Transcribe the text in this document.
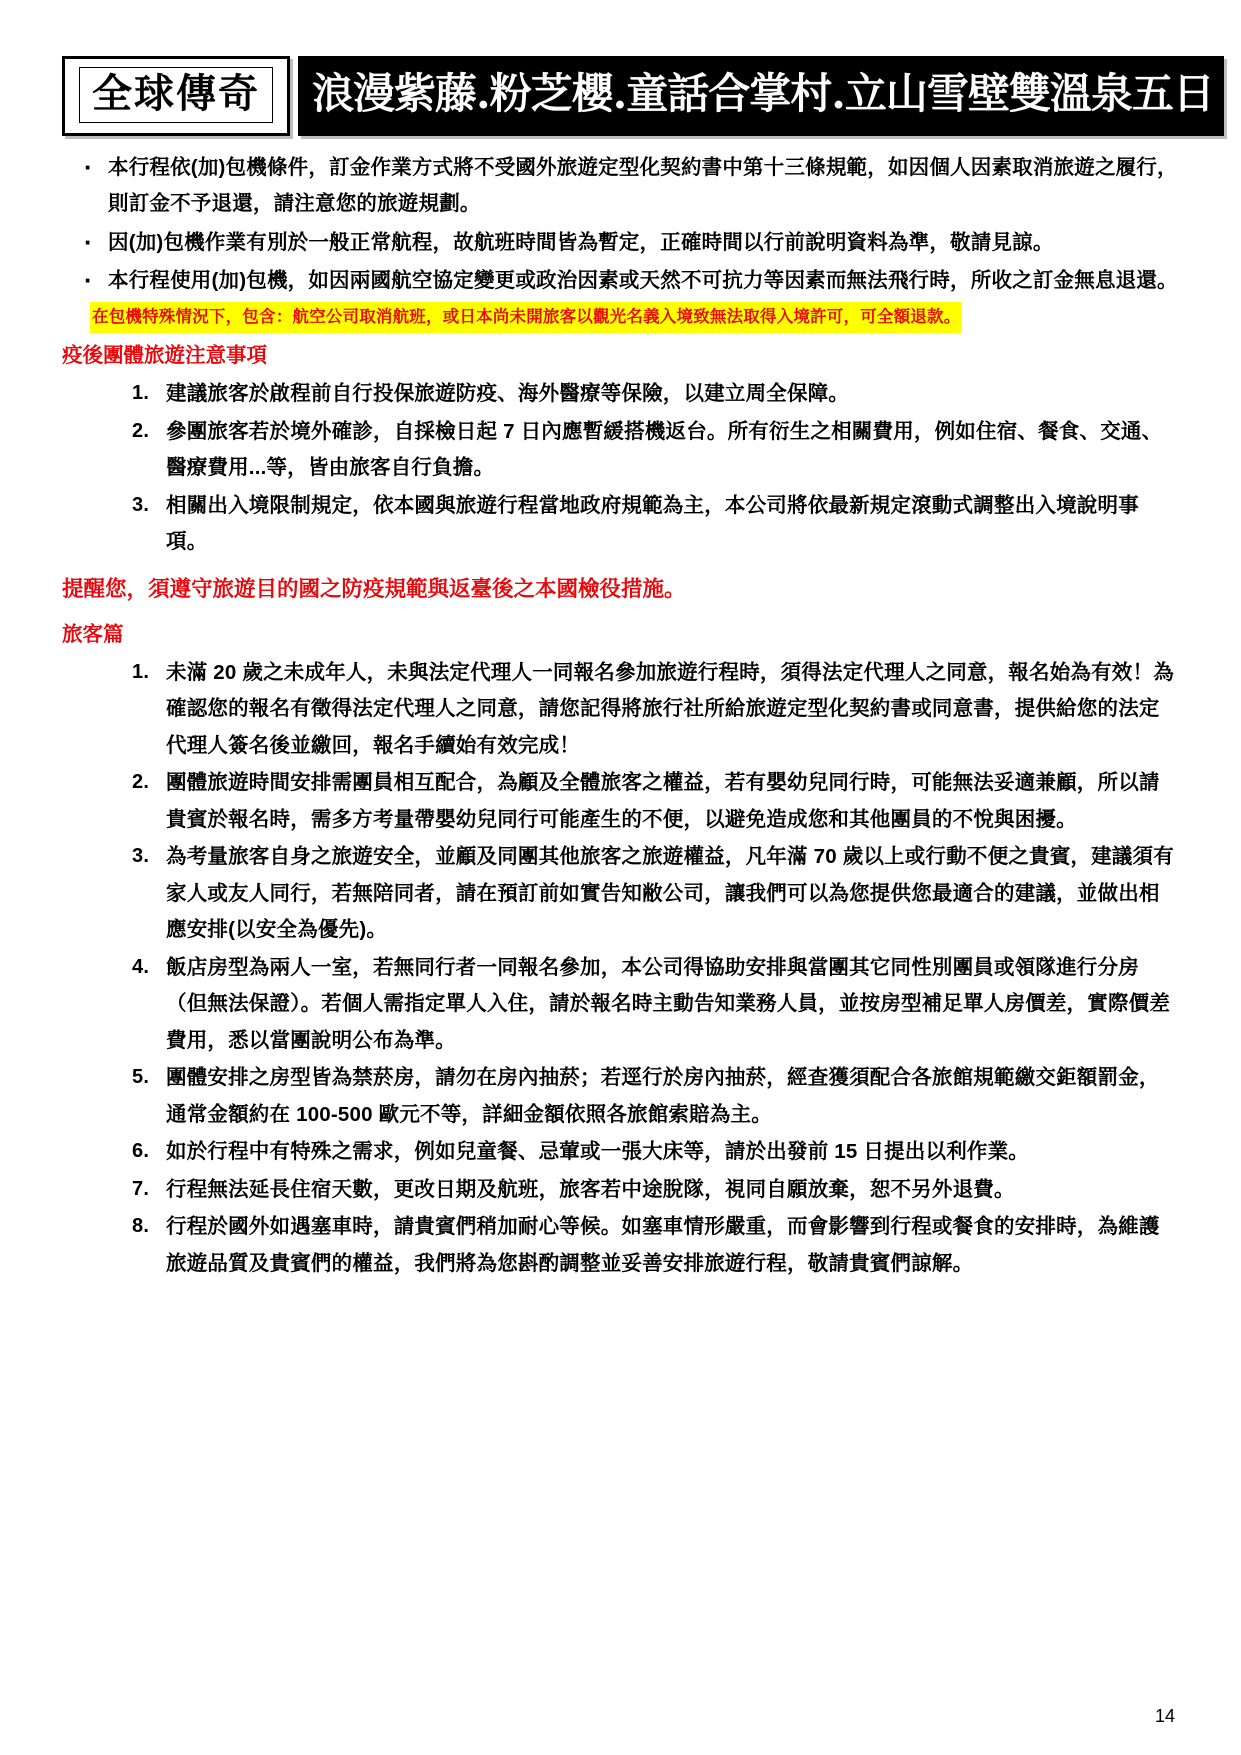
全球傳奇	浪漫紫藤.粉芝櫻.童話合掌村.立山雪壁雙溫泉五日
· 本行程依(加)包機條件，訂金作業方式將不受國外旅遊定型化契約書中第十三條規範，如因個人因素取消旅遊之履行，則訂金不予退還，請注意您的旅遊規劃。
· 因(加)包機作業有別於一般正常航程，故航班時間皆為暫定，正確時間以行前說明資料為準，敬請見諒。
· 本行程使用(加)包機，如因兩國航空協定變更或政治因素或天然不可抗力等因素而無法飛行時，所收之訂金無息退還。
在包機特殊情況下，包含：航空公司取消航班，或日本尚未開旅客以觀光名義入境致無法取得入境許可，可全額退款。
疫後團體旅遊注意事項
建議旅客於啟程前自行投保旅遊防疫、海外醫療等保險，以建立周全保障。
參團旅客若於境外確診，自採檢日起 7 日內應暫緩搭機返台。所有衍生之相關費用，例如住宿、餐食、交通、醫療費用...等，皆由旅客自行負擔。
相關出入境限制規定，依本國與旅遊行程當地政府規範為主，本公司將依最新規定滾動式調整出入境說明事項。
提醒您，須遵守旅遊目的國之防疫規範與返臺後之本國檢役措施。
旅客篇
未滿 20 歲之未成年人，未與法定代理人一同報名參加旅遊行程時，須得法定代理人之同意，報名始為有效！為確認您的報名有徵得法定代理人之同意，請您記得將旅行社所給旅遊定型化契約書或同意書，提供給您的法定代理人簽名後並繳回，報名手續始有效完成！
團體旅遊時間安排需團員相互配合，為顧及全體旅客之權益，若有嬰幼兒同行時，可能無法妥適兼顧，所以請貴賓於報名時，需多方考量帶嬰幼兒同行可能產生的不便，以避免造成您和其他團員的不悅與困擾。
為考量旅客自身之旅遊安全，並顧及同團其他旅客之旅遊權益，凡年滿 70 歲以上或行動不便之貴賓，建議須有家人或友人同行，若無陪同者，請在預訂前如實告知敝公司，讓我們可以為您提供您最適合的建議，並做出相應安排(以安全為優先)。
飯店房型為兩人一室，若無同行者一同報名參加，本公司得協助安排與當團其它同性別團員或領隊進行分房（但無法保證）。若個人需指定單人入住，請於報名時主動告知業務人員，並按房型補足單人房價差，實際價差費用，悉以當團說明公布為準。
團體安排之房型皆為禁菸房，請勿在房內抽菸；若逕行於房內抽菸，經查獲須配合各旅館規範繳交鉅額罰金，通常金額約在 100-500 歐元不等，詳細金額依照各旅館索賠為主。
如於行程中有特殊之需求，例如兒童餐、忌葷或一張大床等，請於出發前 15 日提出以利作業。
行程無法延長住宿天數，更改日期及航班，旅客若中途脫隊，視同自願放棄，恕不另外退費。
行程於國外如遇塞車時，請貴賓們稍加耐心等候。如塞車情形嚴重，而會影響到行程或餐食的安排時，為維護旅遊品質及貴賓們的權益，我們將為您斟酌調整並妥善安排旅遊行程，敬請貴賓們諒解。
14
